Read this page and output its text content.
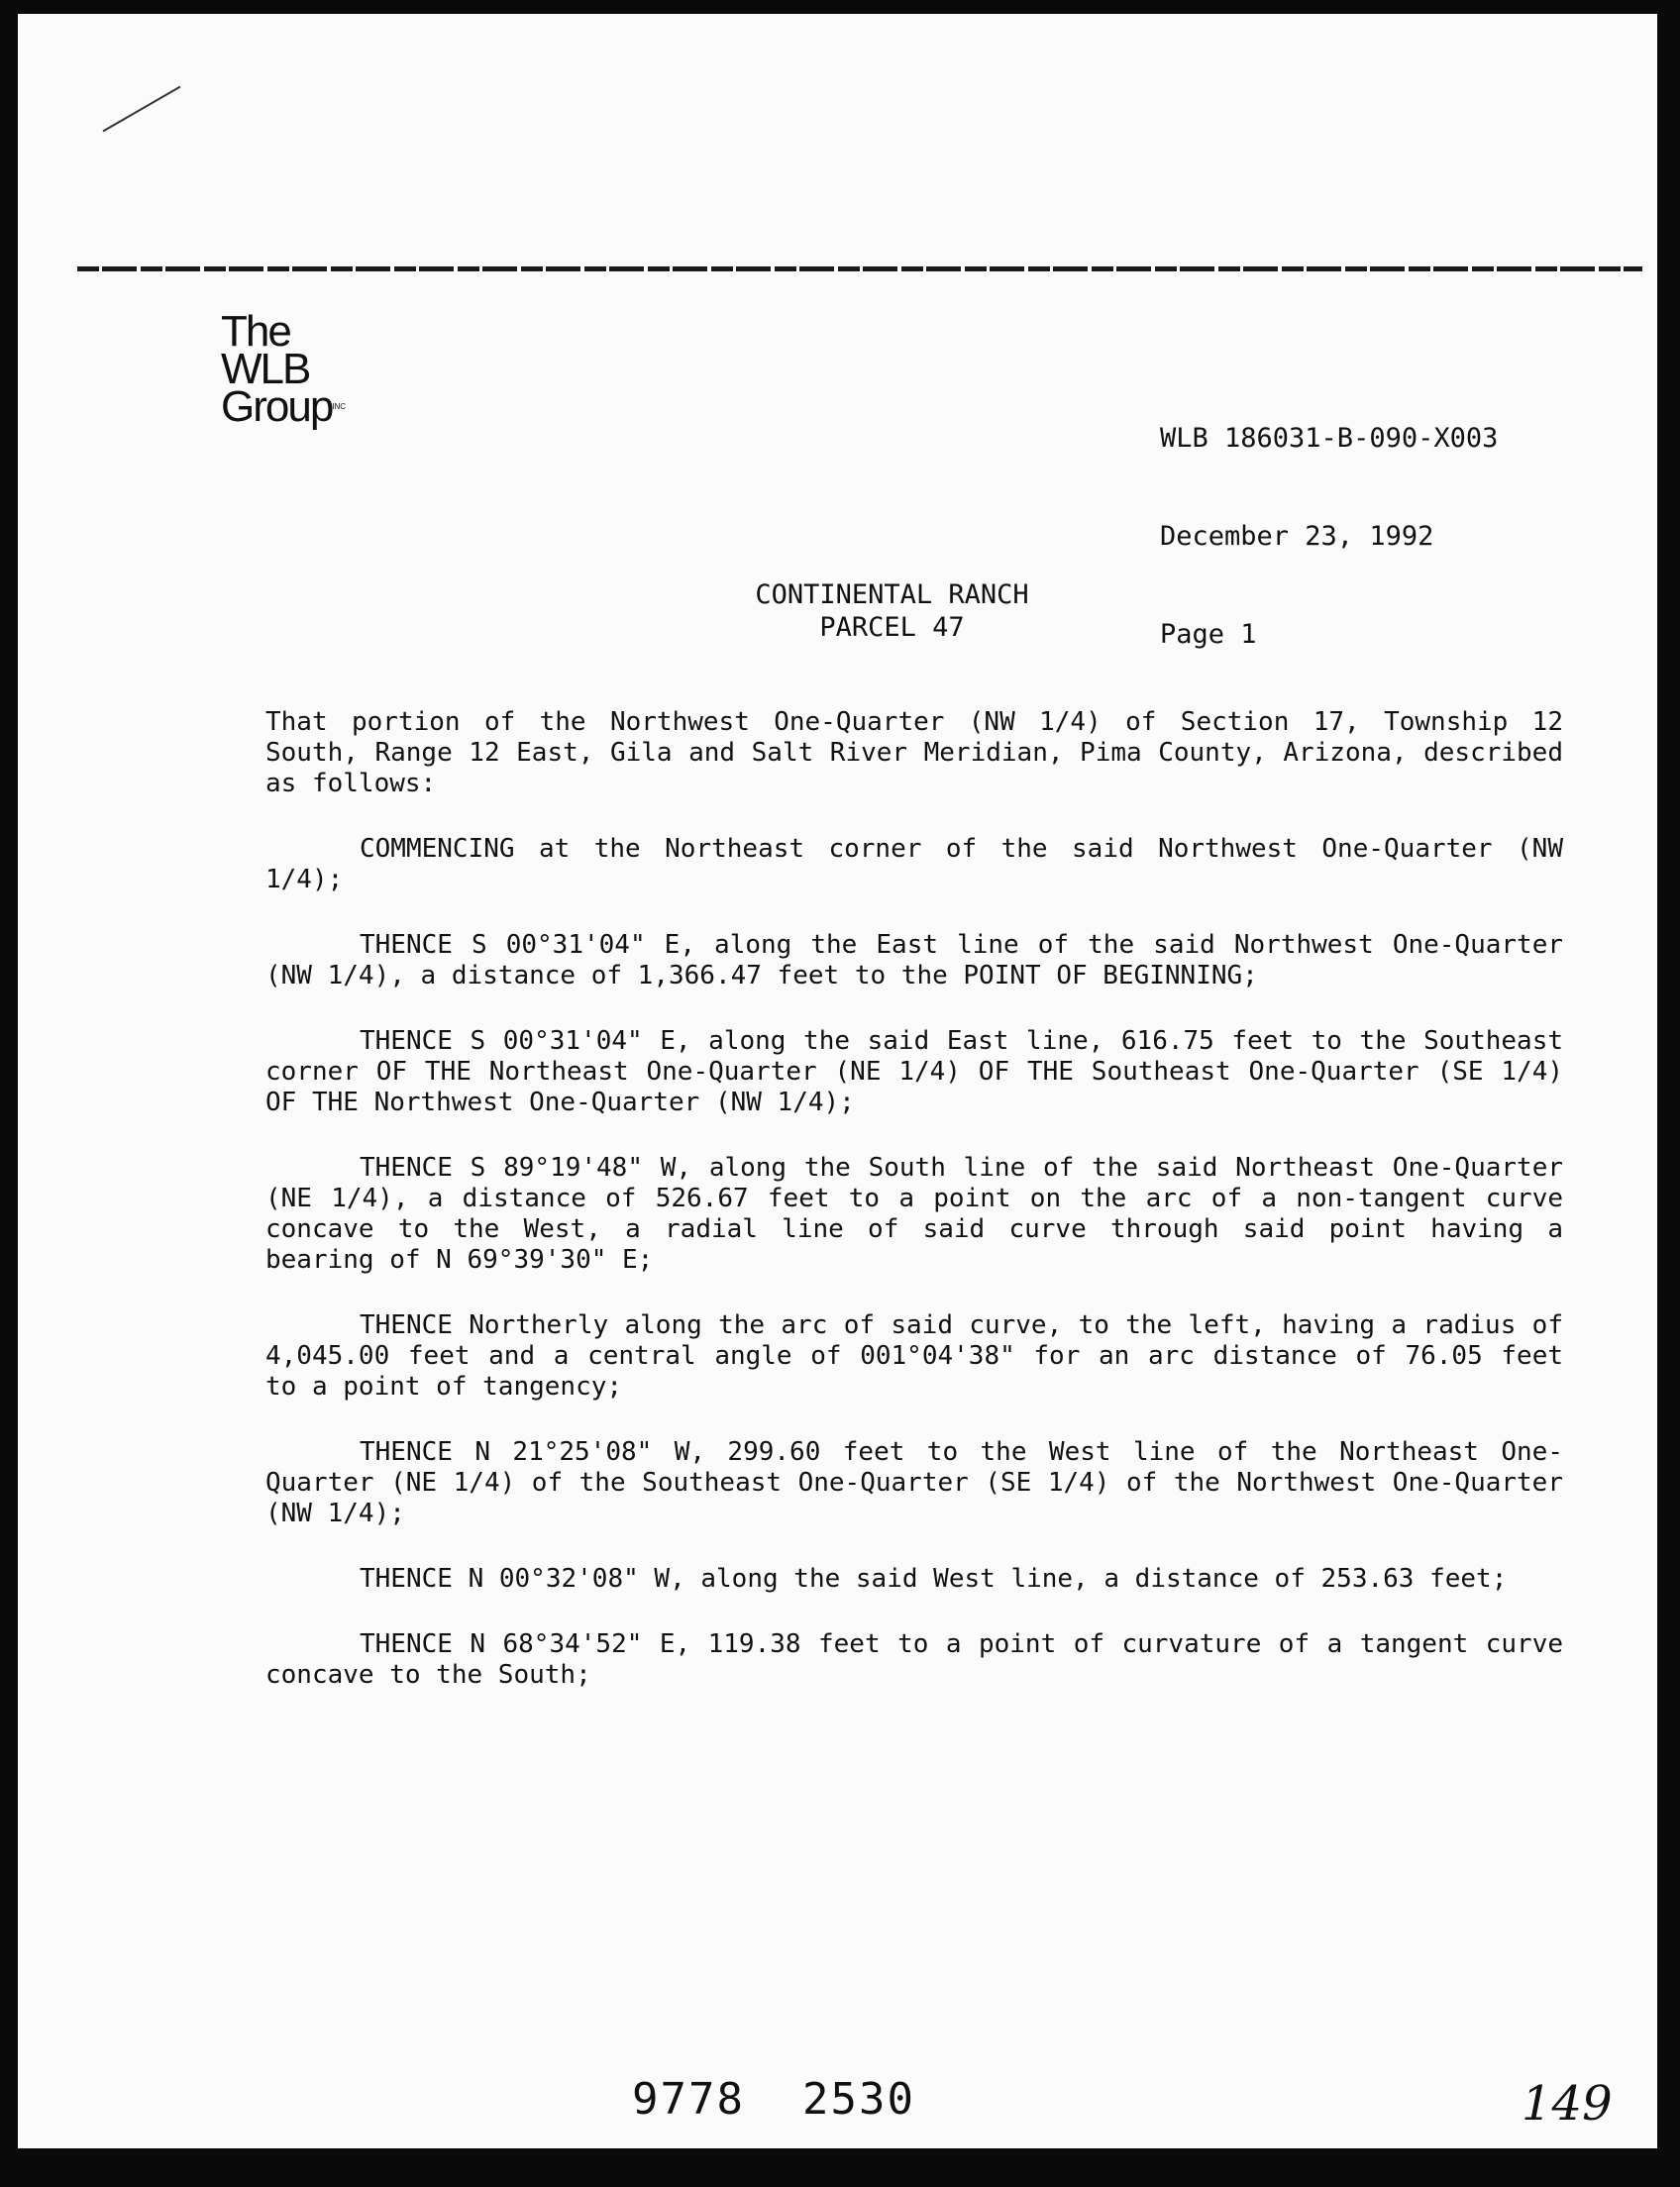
The
WLB
GroupINC

WLB 186031-B-090-X003

December 23, 1992

Page 1

CONTINENTAL RANCH
PARCEL 47

That portion of the Northwest One-Quarter (NW 1/4) of Section 17, Township 12 South, Range 12 East, Gila and Salt River Meridian, Pima County, Arizona, described as follows:

COMMENCING at the Northeast corner of the said Northwest One-Quarter (NW 1/4);

THENCE S 00°31'04" E, along the East line of the said Northwest One-Quarter (NW 1/4), a distance of 1,366.47 feet to the POINT OF BEGINNING;

THENCE S 00°31'04" E, along the said East line, 616.75 feet to the Southeast corner OF THE Northeast One-Quarter (NE 1/4) OF THE Southeast One-Quarter (SE 1/4) OF THE Northwest One-Quarter (NW 1/4);

THENCE S 89°19'48" W, along the South line of the said Northeast One-Quarter (NE 1/4), a distance of 526.67 feet to a point on the arc of a non-tangent curve concave to the West, a radial line of said curve through said point having a bearing of N 69°39'30" E;

THENCE Northerly along the arc of said curve, to the left, having a radius of 4,045.00 feet and a central angle of 001°04'38" for an arc distance of 76.05 feet to a point of tangency;

THENCE N 21°25'08" W, 299.60 feet to the West line of the Northeast One-Quarter (NE 1/4) of the Southeast One-Quarter (SE 1/4) of the Northwest One-Quarter (NW 1/4);

THENCE N 00°32'08" W, along the said West line, a distance of 253.63 feet;

THENCE N 68°34'52" E, 119.38 feet to a point of curvature of a tangent curve concave to the South;

9778 2530	149
